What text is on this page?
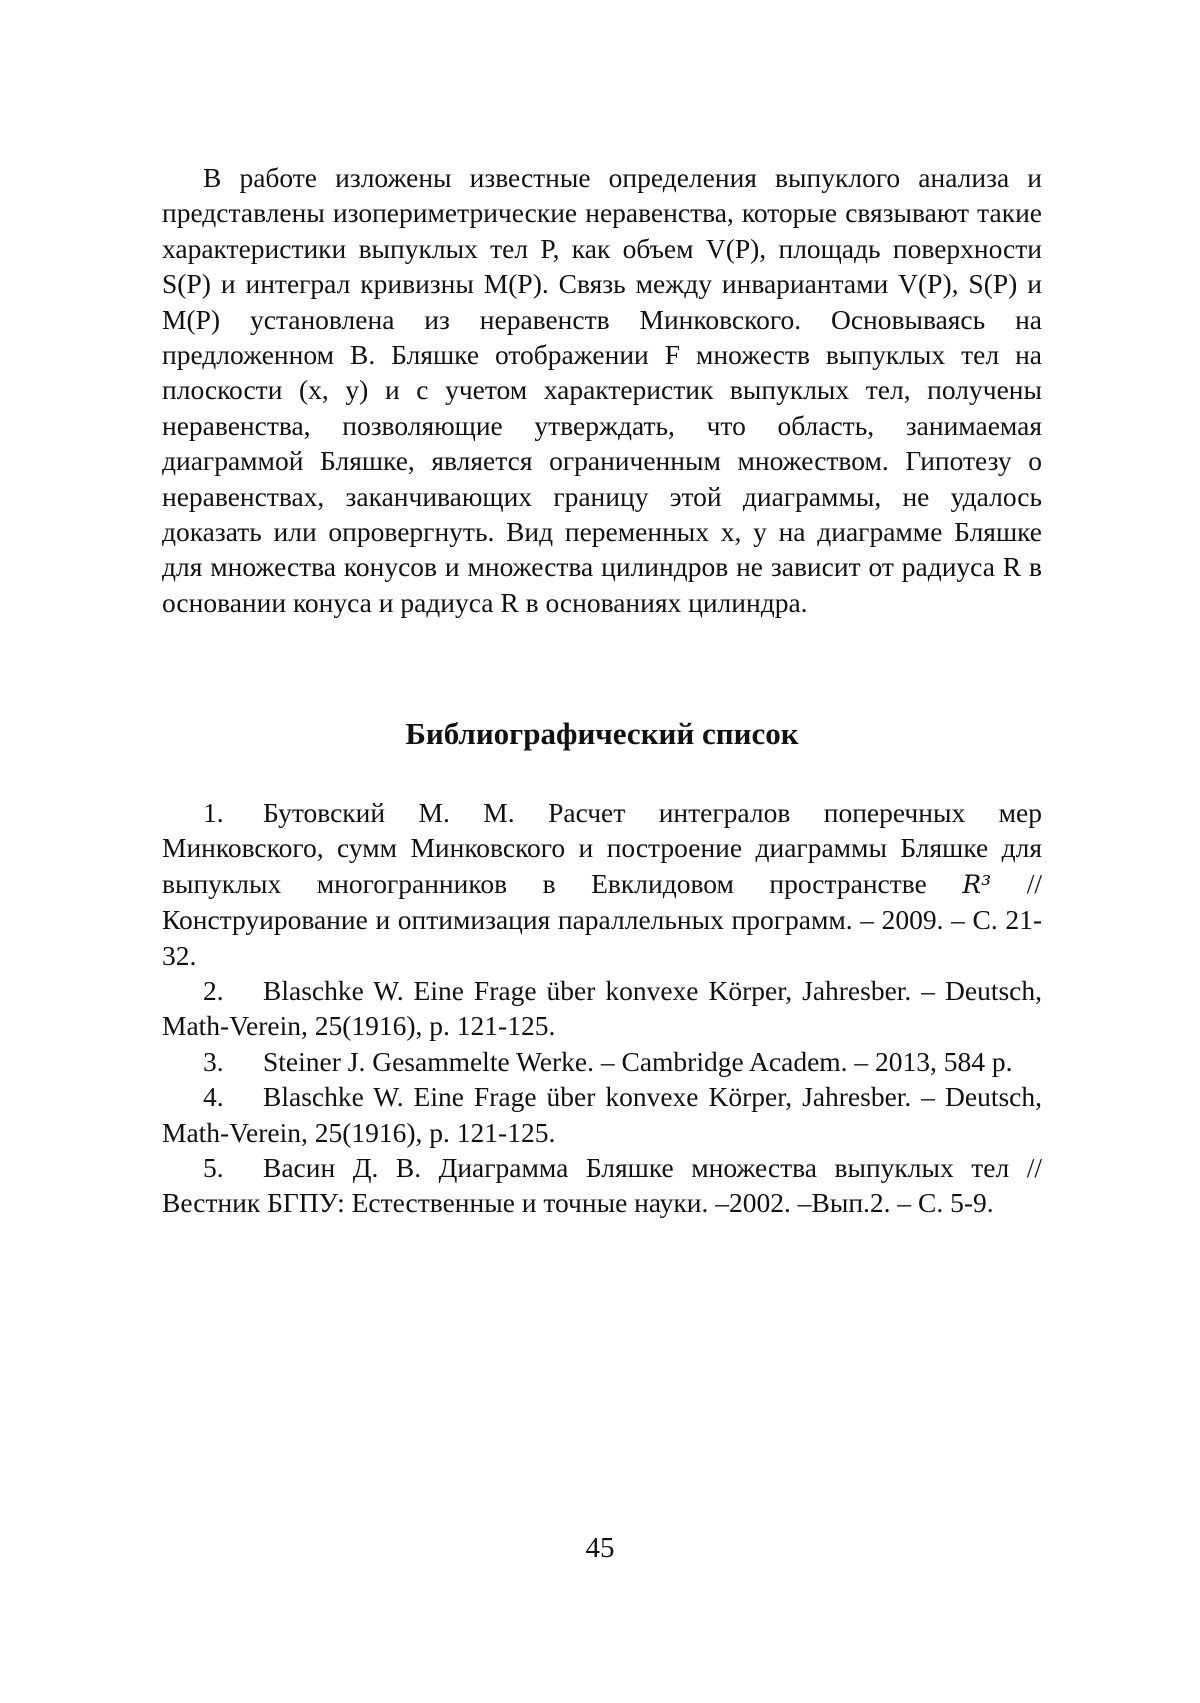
В работе изложены известные определения выпуклого анализа и представлены изопериметрические неравенства, которые связывают такие характеристики выпуклых тел P, как объем V(P), площадь поверхности S(P) и интеграл кривизны M(P). Связь между инвариантами V(P), S(P) и M(P) установлена из неравенств Минковского. Основываясь на предложенном В. Бляшке отображении F множеств выпуклых тел на плоскости (x, y) и с учетом характеристик выпуклых тел, получены неравенства, позволяющие утверждать, что область, занимаемая диаграммой Бляшке, является ограниченным множеством. Гипотезу о неравенствах, заканчивающих границу этой диаграммы, не удалось доказать или опровергнуть. Вид переменных x, y на диаграмме Бляшке для множества конусов и множества цилиндров не зависит от радиуса R в основании конуса и радиуса R в основаниях цилиндра.

Библиографический список

1. Бутовский М. М. Расчет интегралов поперечных мер Минковского, сумм Минковского и построение диаграммы Бляшке для выпуклых многогранников в Евклидовом пространстве R³ // Конструирование и оптимизация параллельных программ. – 2009. – С. 21-32.

2. Blaschke W. Eine Frage über konvexe Körper, Jahresber. – Deutsch, Math-Verein, 25(1916), p. 121-125.

3. Steiner J. Gesammelte Werke. – Cambridge Academ. – 2013, 584 p.

4. Blaschke W. Eine Frage über konvexe Körper, Jahresber. – Deutsch, Math-Verein, 25(1916), p. 121-125.

5. Васин Д. В. Диаграмма Бляшке множества выпуклых тел // Вестник БГПУ: Естественные и точные науки. –2002. –Вып.2. – С. 5-9.

45
